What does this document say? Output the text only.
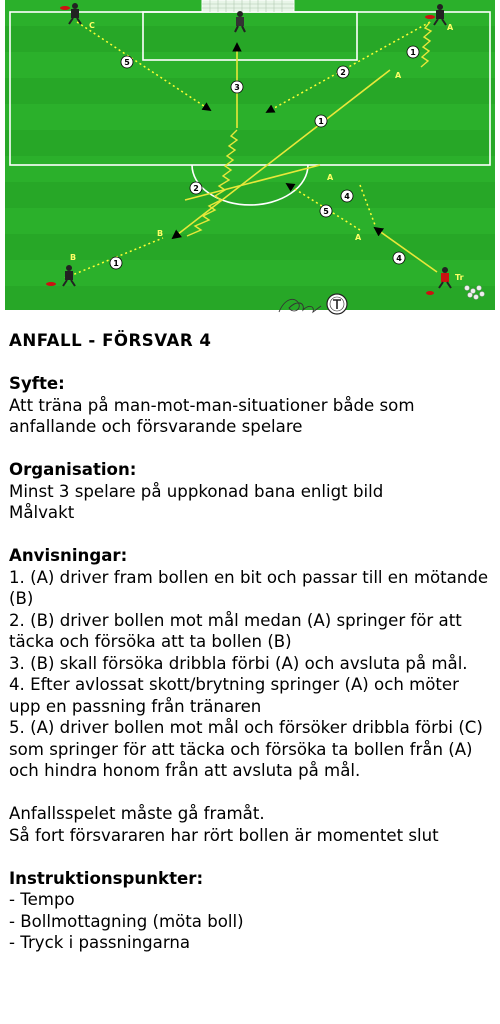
1
1
1
2
2
3
4
4
5
5
C	A
A
A
A
B
B
Tr

ANFALL - FÖRSVAR 4

Syfte:

Att träna på man-mot-man-situationer både som anfallande och försvarande spelare

Organisation:

Minst 3 spelare på uppkonad bana enligt bild

Målvakt

Anvisningar:

1. (A) driver fram bollen en bit och passar till en mötande (B)

2. (B) driver bollen mot mål medan (A) springer för att täcka och försöka att ta bollen (B)

3. (B) skall försöka dribbla förbi (A) och avsluta på mål.

4. Efter avlossat skott/brytning springer (A) och möter upp en passning från tränaren

5. (A) driver bollen mot mål och försöker dribbla förbi (C) som springer för att täcka och försöka ta bollen från (A) och hindra honom från att avsluta på mål.

Anfallsspelet måste gå framåt.

Så fort försvararen har rört bollen är momentet slut

Instruktionspunkter:

- Tempo

- Bollmottagning (möta boll)

- Tryck i passningarna
